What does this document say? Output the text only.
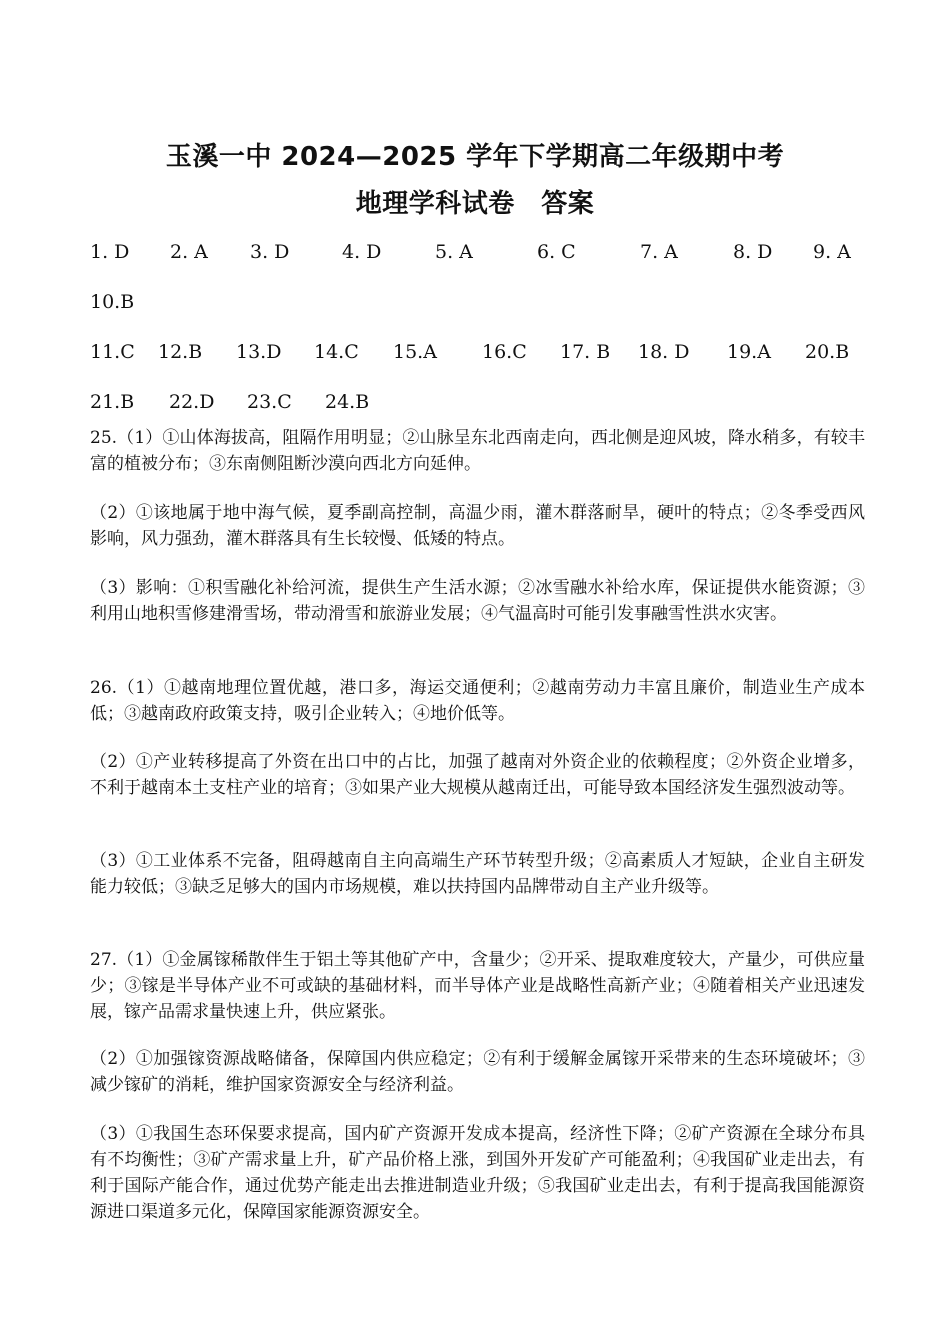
玉溪一中 2024—2025 学年下学期高二年级期中考
地理学科试卷　答案
1. D 2. A 3. D	4. D	5. A	6. C	7. A	8. D 9. A
10.B
11.C 12.B 13.D 14.C 15.A 16.C 17. B 18. D 19.A 20.B
21.B 22.D 23.C 24.B

25.（1）①山体海拔高，阻隔作用明显；②山脉呈东北西南走向，西北侧是迎风坡，降水稍多，有较丰富的植被分布；③东南侧阻断沙漠向西北方向延伸。

（2）①该地属于地中海气候，夏季副高控制，高温少雨，灌木群落耐旱，硬叶的特点；②冬季受西风影响，风力强劲，灌木群落具有生长较慢、低矮的特点。

（3）影响：①积雪融化补给河流，提供生产生活水源；②冰雪融水补给水库，保证提供水能资源；③利用山地积雪修建滑雪场，带动滑雪和旅游业发展；④气温高时可能引发事融雪性洪水灾害。

26.（1）①越南地理位置优越，港口多，海运交通便利；②越南劳动力丰富且廉价，制造业生产成本低；③越南政府政策支持，吸引企业转入；④地价低等。

（2）①产业转移提高了外资在出口中的占比，加强了越南对外资企业的依赖程度；②外资企业增多，不利于越南本土支柱产业的培育；③如果产业大规模从越南迁出，可能导致本国经济发生强烈波动等。

（3）①工业体系不完备，阻碍越南自主向高端生产环节转型升级；②高素质人才短缺，企业自主研发能力较低；③缺乏足够大的国内市场规模，难以扶持国内品牌带动自主产业升级等。

27.（1）①金属镓稀散伴生于铝土等其他矿产中，含量少；②开采、提取难度较大，产量少，可供应量少；③镓是半导体产业不可或缺的基础材料，而半导体产业是战略性高新产业；④随着相关产业迅速发展，镓产品需求量快速上升，供应紧张。

（2）①加强镓资源战略储备，保障国内供应稳定；②有利于缓解金属镓开采带来的生态环境破坏；③减少镓矿的消耗，维护国家资源安全与经济利益。

（3）①我国生态环保要求提高，国内矿产资源开发成本提高，经济性下降；②矿产资源在全球分布具有不均衡性；③矿产需求量上升，矿产品价格上涨，到国外开发矿产可能盈利；④我国矿业走出去，有利于国际产能合作，通过优势产能走出去推进制造业升级；⑤我国矿业走出去，有利于提高我国能源资源进口渠道多元化，保障国家能源资源安全。
